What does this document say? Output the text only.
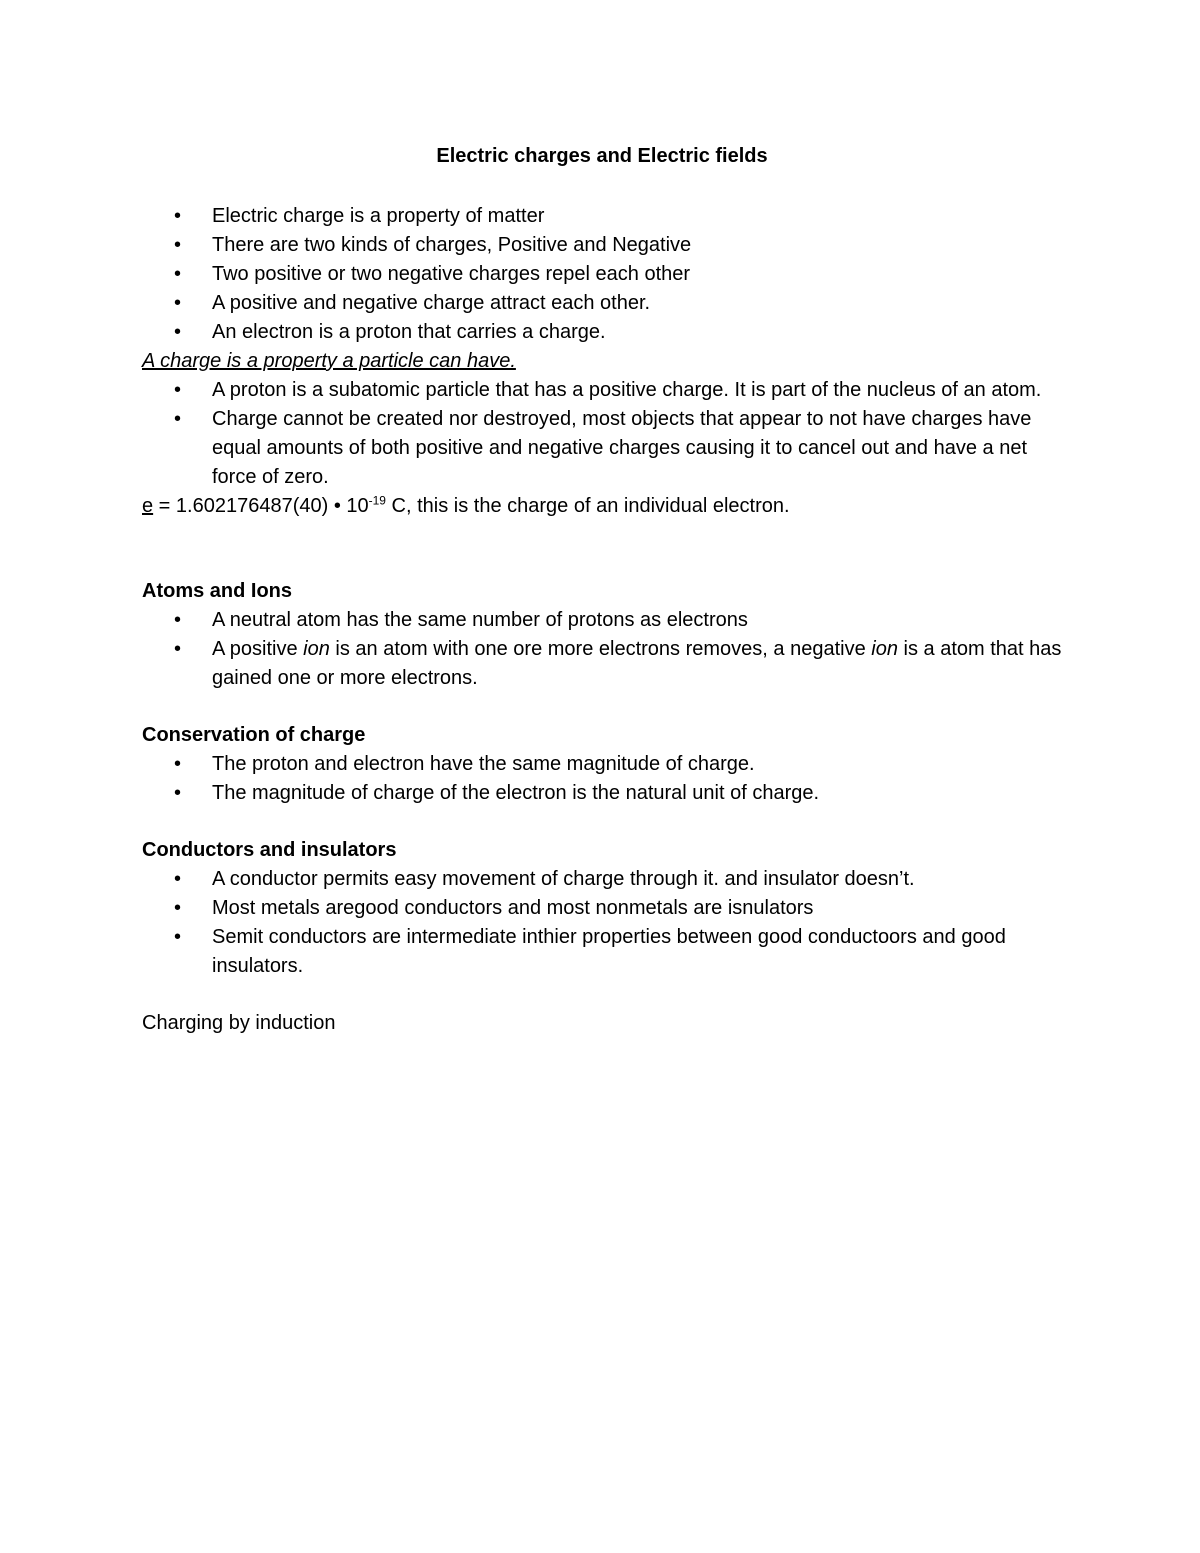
Electric charges and Electric fields
•	Electric charge is a property of matter
•	There are two kinds of charges, Positive and Negative
•	Two positive or two negative charges repel each other
•	A positive and negative charge attract each other.
•	An electron is a proton that carries a charge.

A charge is a property a particle can have.

•	A proton is a subatomic particle that has a positive charge. It is part of the nucleus of an atom.
•	Charge cannot be created nor destroyed, most objects that appear to not have charges have equal amounts of both positive and negative charges causing it to cancel out and have a net force of zero.

e = 1.602176487(40) • $10^{-19}$ C, this is the charge of an individual electron.

Atoms and Ions

•	A neutral atom has the same number of protons as electrons
•	A positive ion is an atom with one ore more electrons removes, a negative ion is a atom that has gained one or more electrons.

Conservation of charge

•	The proton and electron have the same magnitude of charge.
•	The magnitude of charge of the electron is the natural unit of charge.

Conductors and insulators

•	A conductor permits easy movement of charge through it. and insulator doesn’t.
•	Most metals aregood conductors and most nonmetals are isnulators
•	Semit conductors are intermediate inthier properties between good conductoors and good insulators.

Charging by induction
